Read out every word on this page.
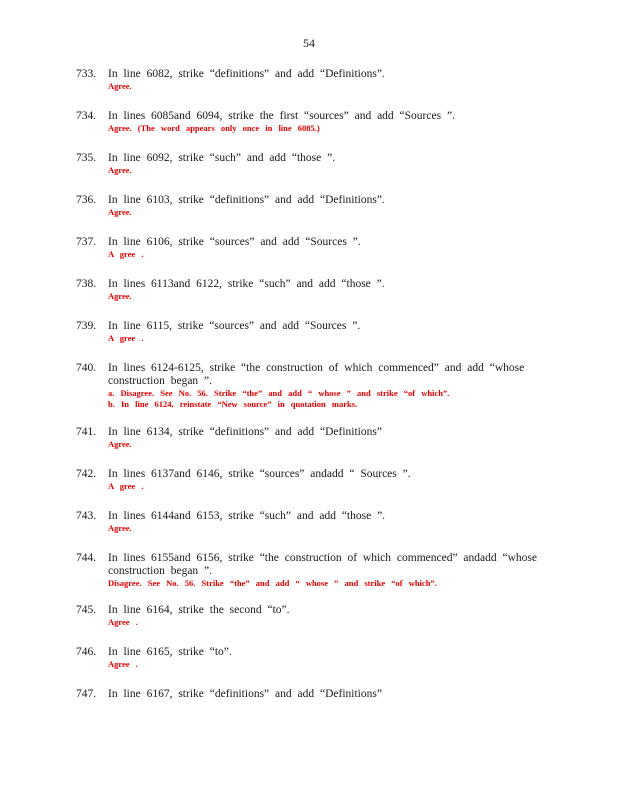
54
733. In line 6082, strike “definitions” and add “Definitions”.
Agree.
734. In lines 6085and 6094, strike the first “sources” and add “Sources ”.
Agree. (The word appears only once in line 6085.)
735. In line 6092, strike “such” and add “those ”.
Agree.
736. In line 6103, strike “definitions” and add “Definitions”.
Agree.
737. In line 6106, strike “sources” and add “Sources ”.
A gree .
738. In lines 6113and 6122, strike “such” and add “those ”.
Agree.
739. In line 6115, strike “sources” and add “Sources ”.
A gree .
740. In lines 6124-6125, strike “the construction of which commenced” and add “whose construction began ”.
a. Disagree. See No. 56. Strike “the” and add “ whose ” and strike “of which”.
b. In line 6124, reinstate “New source” in quotation marks.
741. In line 6134, strike “definitions” and add “Definitions”
Agree.
742. In lines 6137and 6146, strike “sources” andadd “ Sources ”.
A gree .
743. In lines 6144and 6153, strike “such” and add “those ”.
Agree.
744. In lines 6155and 6156, strike “the construction of which commenced” andadd “whose construction began ”.
Disagree. See No. 56. Strike “the” and add “ whose ” and strike “of which”.
745. In line 6164, strike the second “to”.
Agree .
746. In line 6165, strike “to”.
Agree .
747. In line 6167, strike “definitions” and add “Definitions”
